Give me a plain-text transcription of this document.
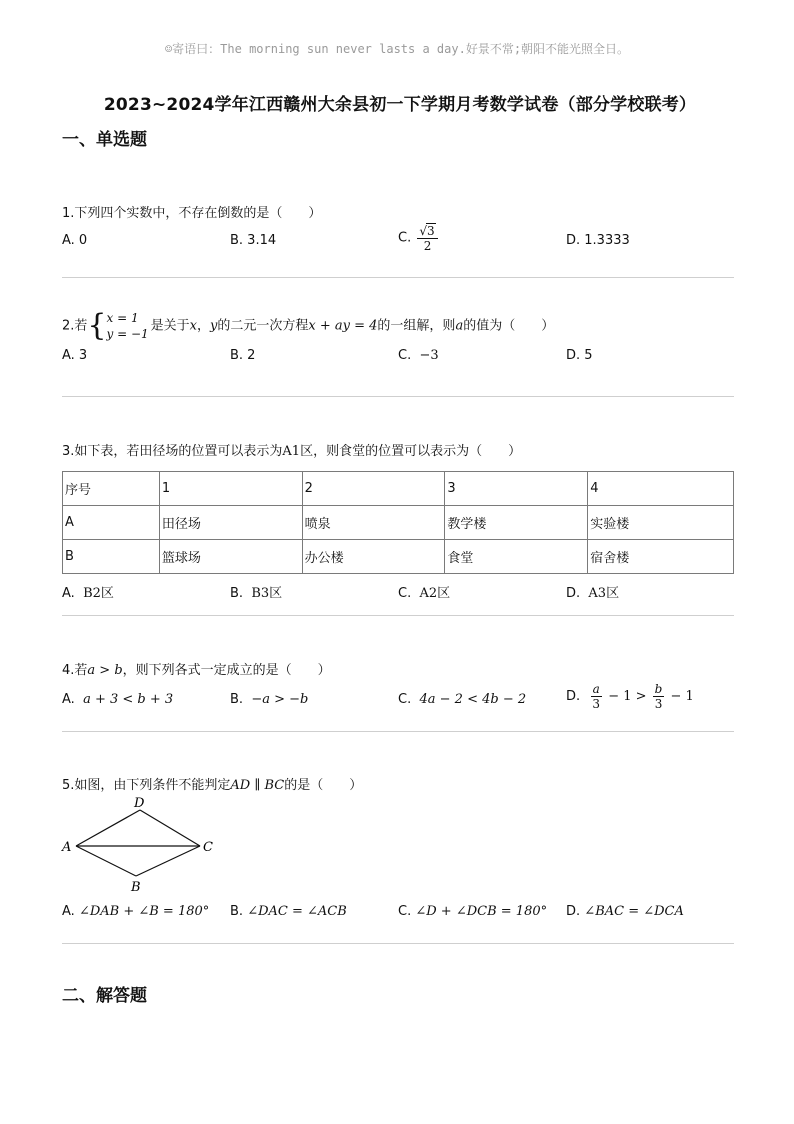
☺寄语曰：The morning sun never lasts a day.好景不常;朝阳不能光照全日。
2023~2024学年江西赣州大余县初一下学期月考数学试卷（部分学校联考）
一、单选题
1.下列四个实数中，不存在倒数的是（　　）
A. 0	B. 3.14	C. $\frac{√3}{2}$	D. 1.3333
2.若 { x = 1
y = −1
是关于x，y的二元一次方程x + ay = 4的一组解，则a的值为（　　）
A. 3	B. 2	C. −3	D. 5
3.如下表，若田径场的位置可以表示为A1区，则食堂的位置可以表示为（　　）
序号	1	2	3	4
A	田径场	喷泉	教学楼	实验楼
B	篮球场	办公楼	食堂	宿舍楼
A. B2区	B. B3区	C. A2区	D. A3区
4.若a > b，则下列各式一定成立的是（　　）
A. a + 3 < b + 3	B. −a > −b	C. 4a − 2 < 4b − 2	D. $\frac{a}{3} - 1 > \frac{b}{3} - 1$
5.如图，由下列条件不能判定AD ∥ BC的是（　　）
A
D
C
B
A. ∠DAB + ∠B = 180° B. ∠DAC = ∠ACB	C. ∠D + ∠DCB = 180° D. ∠BAC = ∠DCA
二、解答题
